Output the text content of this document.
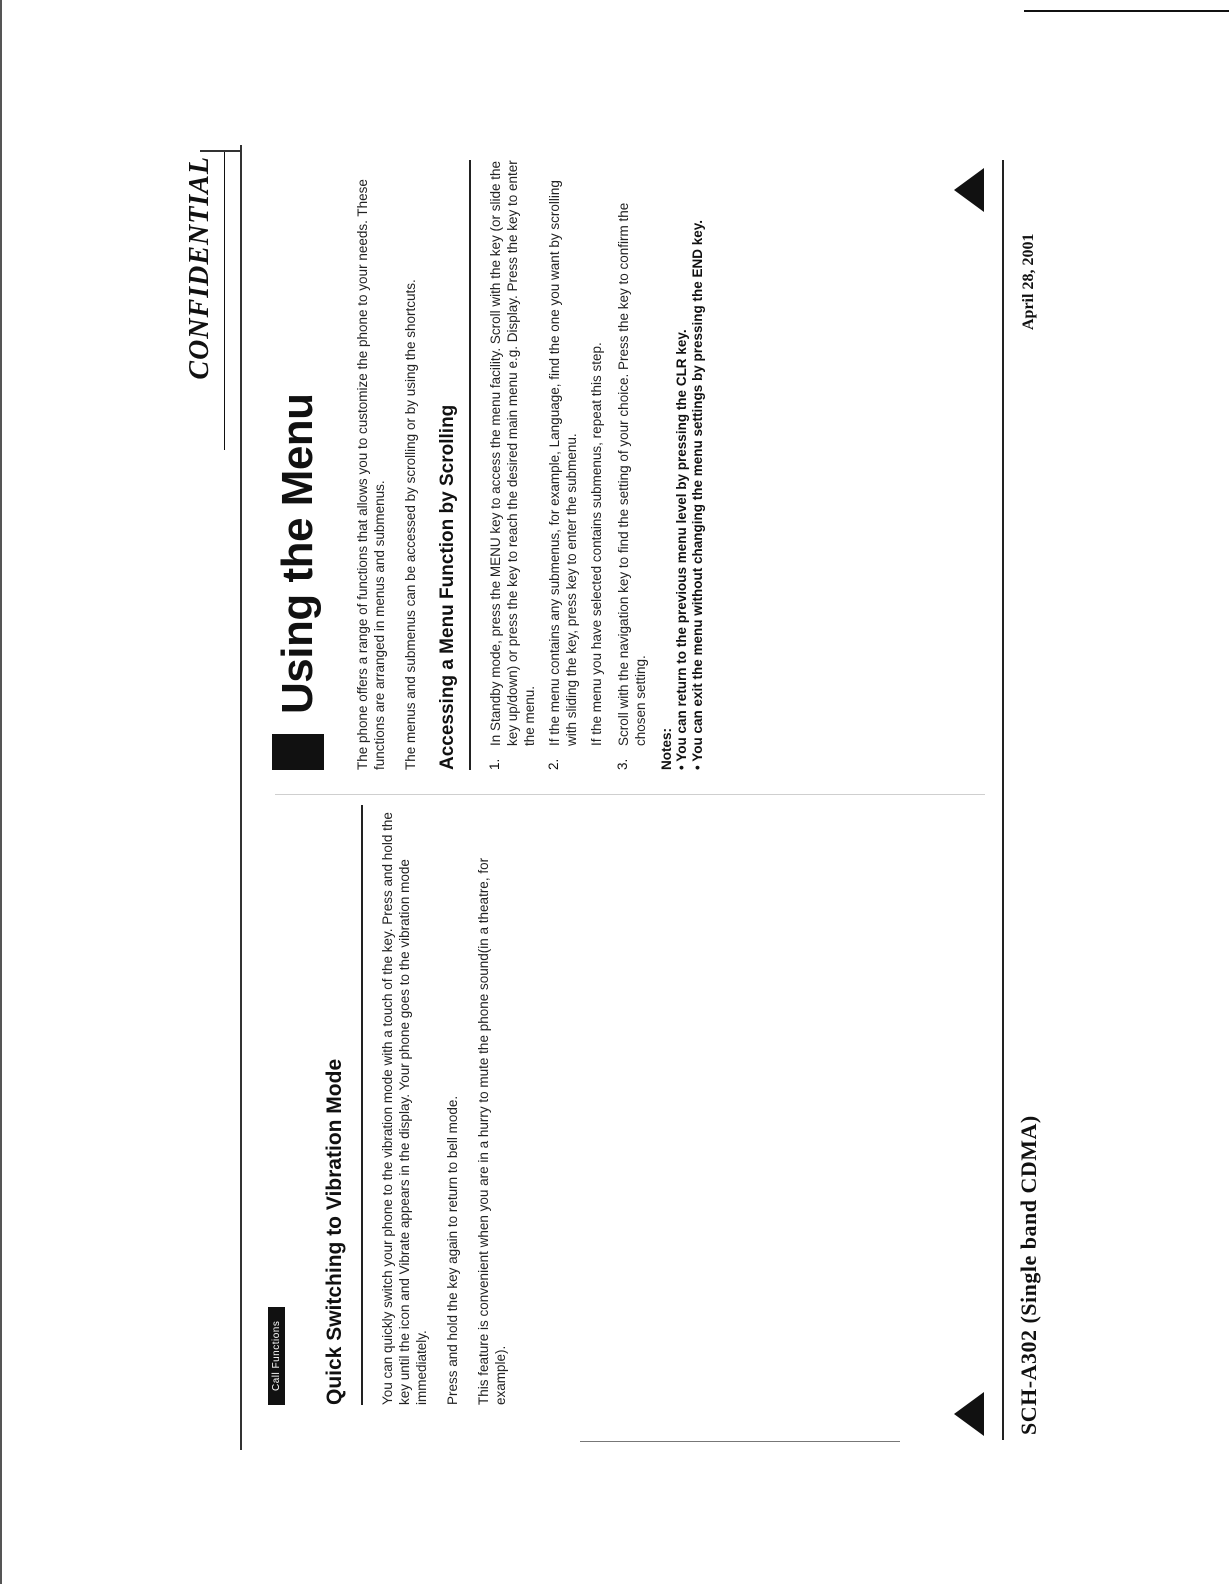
CONFIDENTIAL
Call Functions Quick Switching to Vibration Mode You can quickly switch your phone to the vibration mode with a touch of the key. Press and hold the key until the icon and Vibrate appears in the display. Your phone goes to the vibration mode immediately. Press and hold the key again to return to bell mode. This feature is convenient when you are in a hurry to mute the phone sound(in a theatre, for example).

Using the Menu The phone offers a range of functions that allows you to customize the phone to your needs. These functions are arranged in menus and submenus. The menus and submenus can be accessed by scrolling or by using the shortcuts. Accessing a Menu Function by Scrolling 1.
In Standby mode, press the MENU key to access the menu facility. Scroll with the key (or slide the key up/down) or press the key to reach the desired main menu e.g. Display. Press the key to enter the menu.
2.
If the menu contains any submenus, for example, Language, find the one you want by scrolling with sliding the key, press key to enter the submenu. If the menu you have selected contains submenus, repeat this step.
3.
Scroll with the navigation key to find the setting of your choice. Press the key to confirm the chosen setting.
Notes: • You can return to the previous menu level by pressing the CLR key. • You can exit the menu without changing the menu settings by pressing the END key.
SCH-A302 (Single band CDMA)
April 28, 2001
